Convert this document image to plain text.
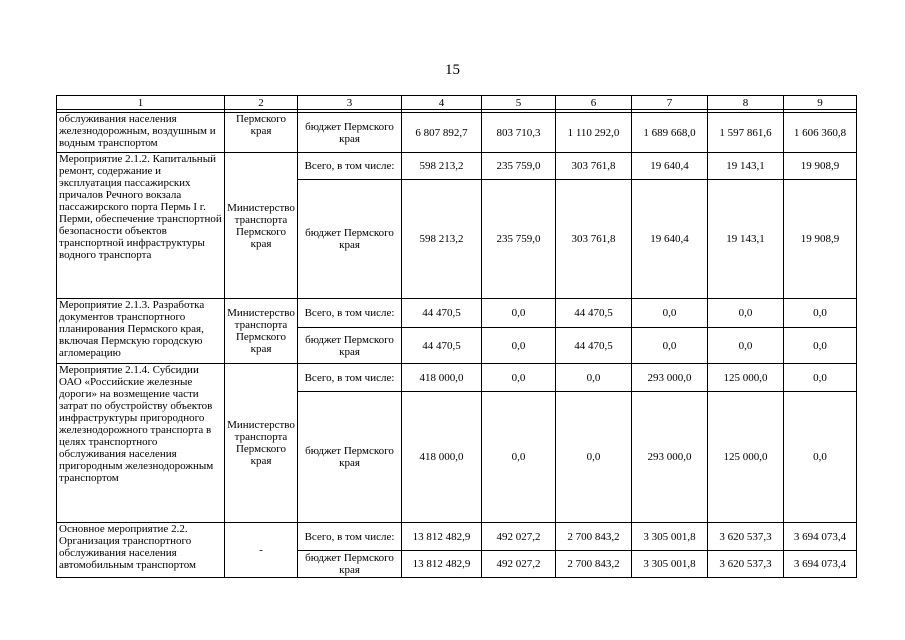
15
1	2	3	4	5	6	7	8	9

обслуживания населения железнодорожным, воздушным и водным транспортом	Пермского края	бюджет Пермского края	6 807 892,7	803 710,3	1 110 292,0	1 689 668,0	1 597 861,6	1 606 360,8
Мероприятие 2.1.2. Капитальный ремонт, содержание и эксплуатация пассажирских причалов Речного вокзала пассажирского порта Пермь I г. Перми, обеспечение транспортной безопасности объектов транспортной инфраструктуры водного транспорта	Министерство транспорта Пермского края	Всего, в том числе:	598 213,2	235 759,0	303 761,8	19 640,4	19 143,1	19 908,9
		бюджет Пермского края	598 213,2	235 759,0	303 761,8	19 640,4	19 143,1	19 908,9
Мероприятие 2.1.3. Разработка документов транспортного планирования Пермского края, включая Пермскую городскую агломерацию	Министерство транспорта Пермского края	Всего, в том числе:	44 470,5	0,0	44 470,5	0,0	0,0	0,0
		бюджет Пермского края	44 470,5	0,0	44 470,5	0,0	0,0	0,0
Мероприятие 2.1.4. Субсидии ОАО «Российские железные дороги» на возмещение части затрат по обустройству объектов инфраструктуры пригородного железнодорожного транспорта в целях транспортного обслуживания населения пригородным железнодорожным транспортом	Министерство транспорта Пермского края	Всего, в том числе:	418 000,0	0,0	0,0	293 000,0	125 000,0	0,0
		бюджет Пермского края	418 000,0	0,0	0,0	293 000,0	125 000,0	0,0
Основное мероприятие 2.2. Организация транспортного обслуживания населения автомобильным транспортом	-	Всего, в том числе:	13 812 482,9	492 027,2	2 700 843,2	3 305 001,8	3 620 537,3	3 694 073,4
		бюджет Пермского края	13 812 482,9	492 027,2	2 700 843,2	3 305 001,8	3 620 537,3	3 694 073,4
